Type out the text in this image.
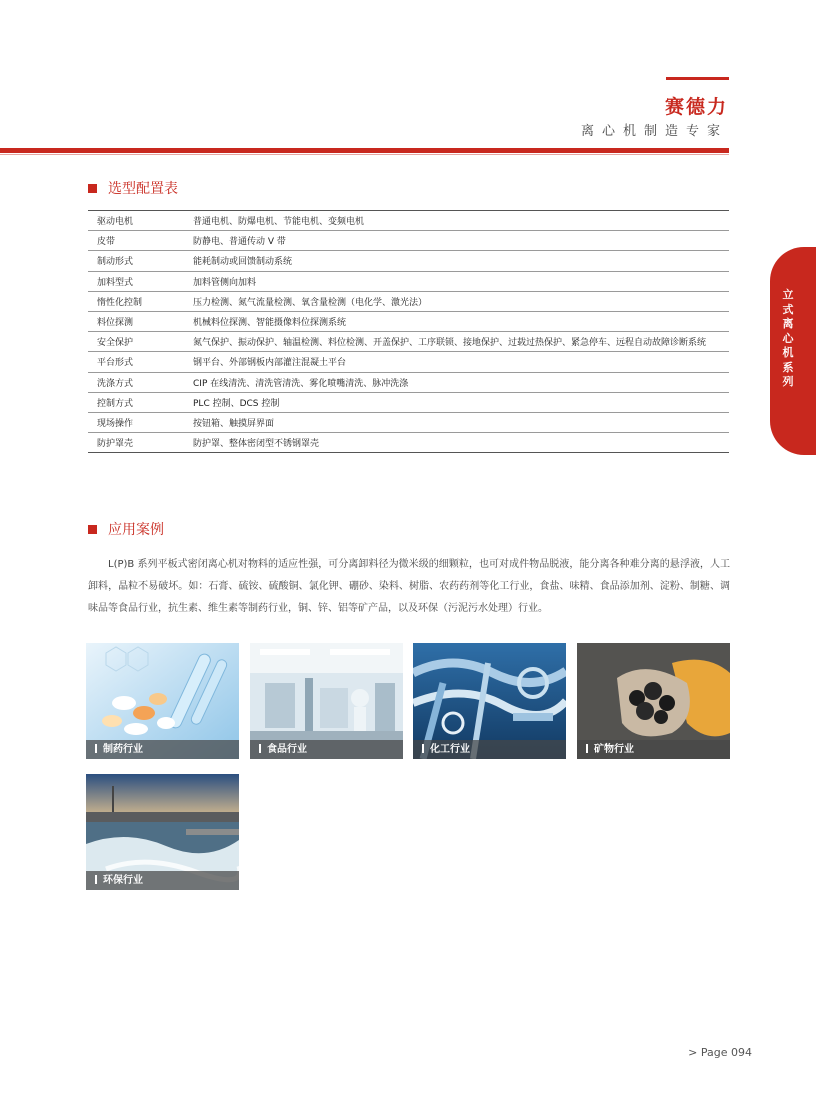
赛德力
离心机制造专家
立式离心机系列
选型配置表
驱动电机	普通电机、防爆电机、节能电机、变频电机
皮带	防静电、普通传动 V 带
制动形式	能耗制动或回馈制动系统
加料型式	加料管侧向加料
惰性化控制	压力检测、氮气流量检测、氧含量检测（电化学、激光法）
料位探测	机械料位探测、智能摄像料位探测系统
安全保护	氮气保护、振动保护、轴温检测、料位检测、开盖保护、工序联锁、接地保护、过载过热保护、紧急停车、远程自动故障诊断系统
平台形式	钢平台、外部钢板内部灌注混凝土平台
洗涤方式	CIP 在线清洗、清洗管清洗、雾化喷嘴清洗、脉冲洗涤
控制方式	PLC 控制、DCS 控制
现场操作	按钮箱、触摸屏界面
防护罩壳	防护罩、整体密闭型不锈钢罩壳
应用案例

L(P)B 系列平板式密闭离心机对物料的适应性强，可分离卸料径为微米级的细颗粒，也可对成件物品脱液，能分离各种难分离的悬浮液，人工卸料，晶粒不易破坏。如：石膏、硫铵、硫酸铜、氯化钾、硼砂、染料、树脂、农药药剂等化工行业，食盐、味精、食品添加剂、淀粉、制糖、调味品等食品行业，抗生素、维生素等制药行业，铜、锌、铝等矿产品，以及环保（污泥污水处理）行业。

制药行业	食品行业	化工行业	矿物行业
环保行业
> Page 094
